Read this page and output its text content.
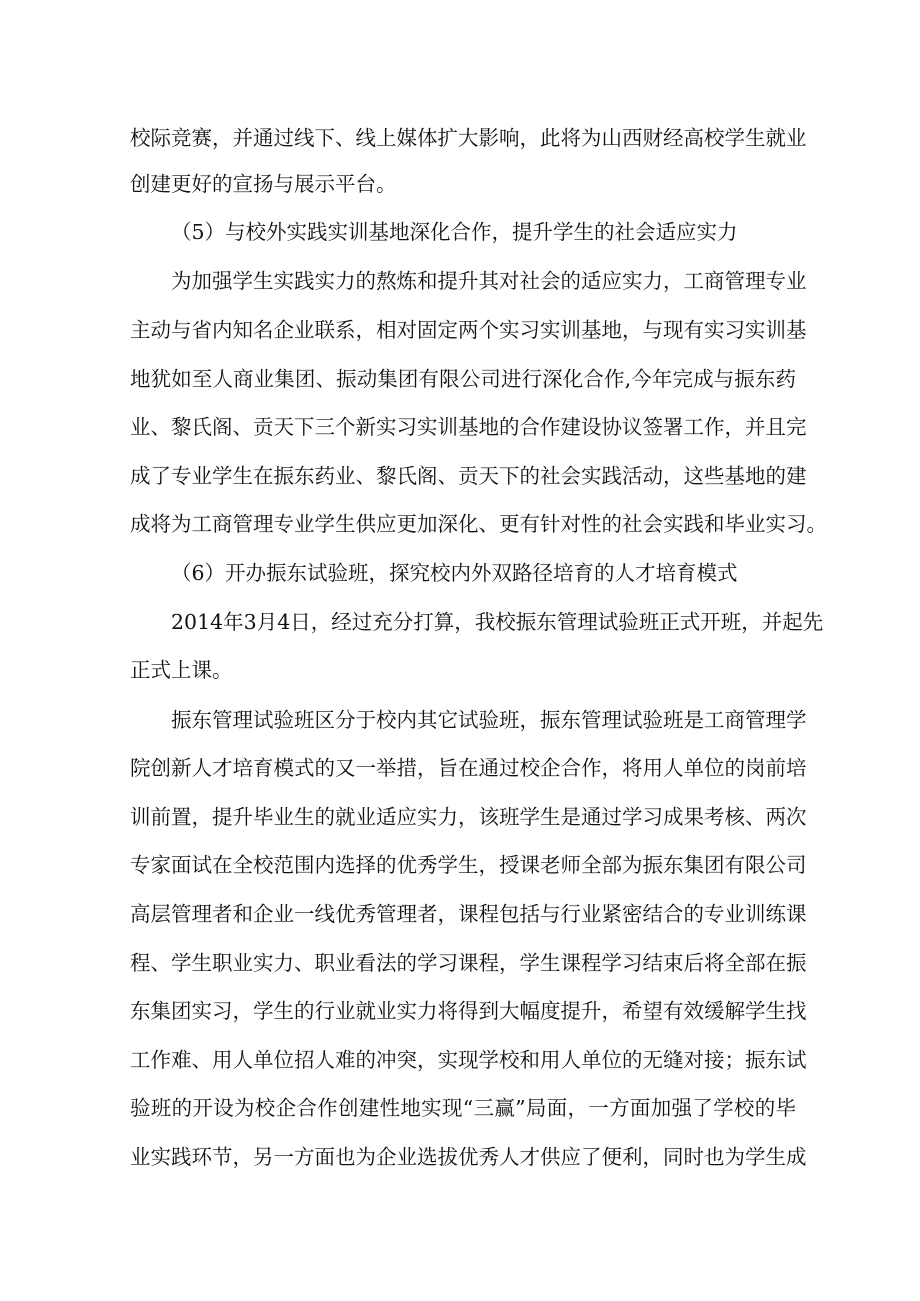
校际竞赛，并通过线下、线上媒体扩大影响，此将为山西财经高校学生就业
创建更好的宣扬与展示平台。
（5）与校外实践实训基地深化合作，提升学生的社会适应实力
为加强学生实践实力的熬炼和提升其对社会的适应实力，工商管理专业
主动与省内知名企业联系，相对固定两个实习实训基地，与现有实习实训基
地犹如至人商业集团、振动集团有限公司进行深化合作,今年完成与振东药
业、黎氏阁、贡天下三个新实习实训基地的合作建设协议签署工作，并且完
成了专业学生在振东药业、黎氏阁、贡天下的社会实践活动，这些基地的建
成将为工商管理专业学生供应更加深化、更有针对性的社会实践和毕业实习。
（6）开办振东试验班，探究校内外双路径培育的人才培育模式
2014年3月4日，经过充分打算，我校振东管理试验班正式开班，并起先
正式上课。
振东管理试验班区分于校内其它试验班，振东管理试验班是工商管理学
院创新人才培育模式的又一举措，旨在通过校企合作，将用人单位的岗前培
训前置，提升毕业生的就业适应实力，该班学生是通过学习成果考核、两次
专家面试在全校范围内选择的优秀学生，授课老师全部为振东集团有限公司
高层管理者和企业一线优秀管理者，课程包括与行业紧密结合的专业训练课
程、学生职业实力、职业看法的学习课程，学生课程学习结束后将全部在振
东集团实习，学生的行业就业实力将得到大幅度提升，希望有效缓解学生找
工作难、用人单位招人难的冲突，实现学校和用人单位的无缝对接；振东试
验班的开设为校企合作创建性地实现“三赢”局面，一方面加强了学校的毕
业实践环节，另一方面也为企业选拔优秀人才供应了便利，同时也为学生成
